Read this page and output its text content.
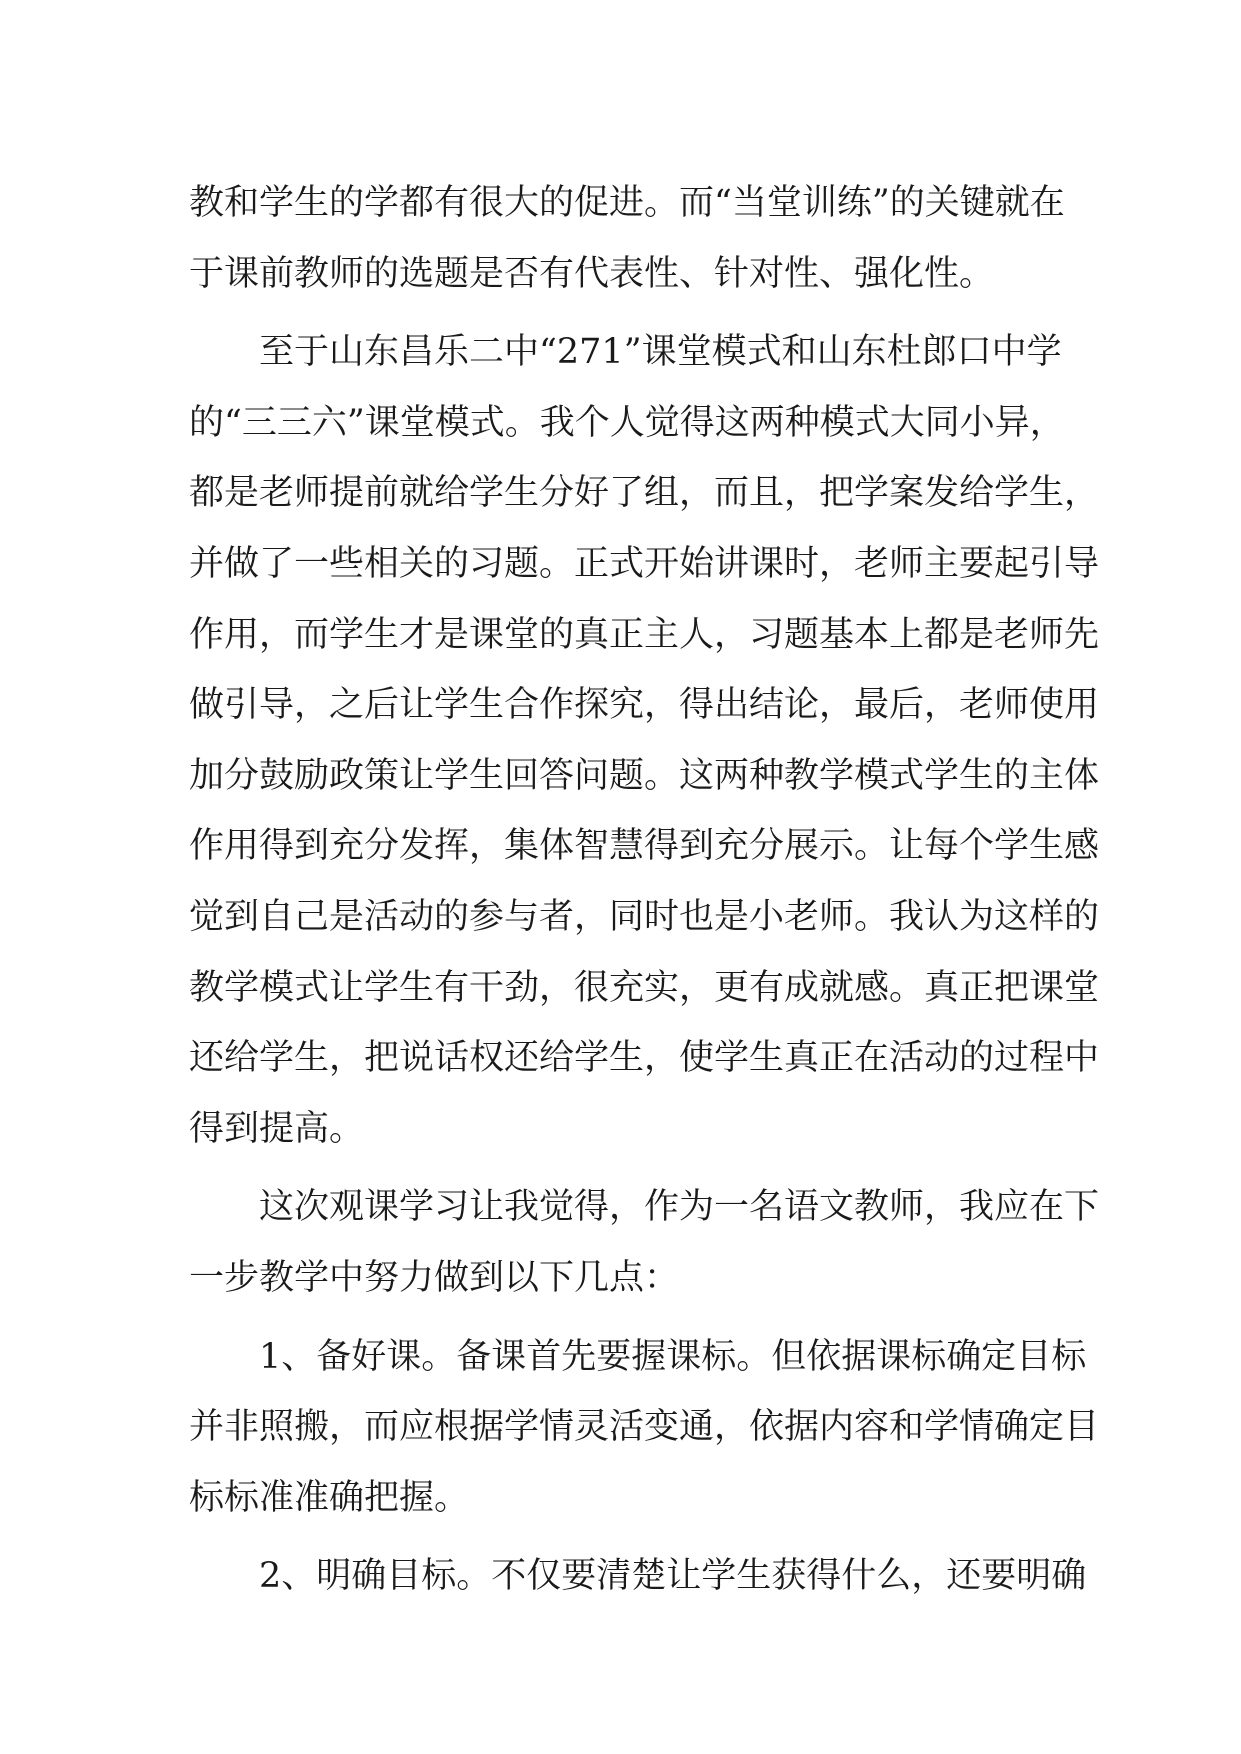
教和学生的学都有很大的促进。而“当堂训练”的关键就在
于课前教师的选题是否有代表性、针对性、强化性。
至于山东昌乐二中“271”课堂模式和山东杜郎口中学
的“三三六”课堂模式。我个人觉得这两种模式大同小异，
都是老师提前就给学生分好了组，而且，把学案发给学生，
并做了一些相关的习题。正式开始讲课时，老师主要起引导
作用，而学生才是课堂的真正主人，习题基本上都是老师先
做引导，之后让学生合作探究，得出结论，最后，老师使用
加分鼓励政策让学生回答问题。这两种教学模式学生的主体
作用得到充分发挥，集体智慧得到充分展示。让每个学生感
觉到自己是活动的参与者，同时也是小老师。我认为这样的
教学模式让学生有干劲，很充实，更有成就感。真正把课堂
还给学生，把说话权还给学生，使学生真正在活动的过程中
得到提高。
这次观课学习让我觉得，作为一名语文教师，我应在下
一步教学中努力做到以下几点：
1、备好课。备课首先要握课标。但依据课标确定目标
并非照搬，而应根据学情灵活变通，依据内容和学情确定目
标标准准确把握。
2、明确目标。不仅要清楚让学生获得什么，还要明确
